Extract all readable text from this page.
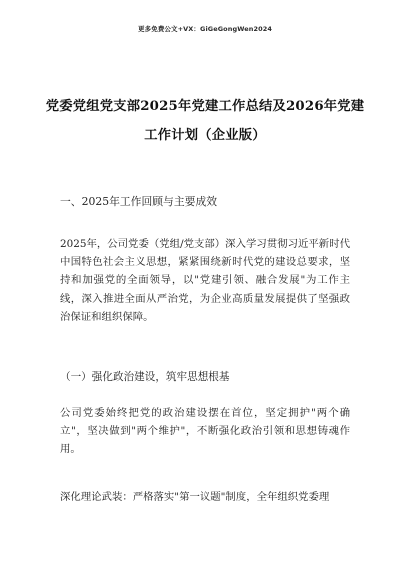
更多免费公文+VX：GiGeGongWen2024
党委党组党支部2025年党建工作总结及2026年党建
工作计划（企业版）
一、2025年工作回顾与主要成效
2025年，公司党委（党组/党支部）深入学习贯彻习近平新时代中国特色社会主义思想，紧紧围绕新时代党的建设总要求，坚持和加强党的全面领导，以"党建引领、融合发展"为工作主线，深入推进全面从严治党，为企业高质量发展提供了坚强政治保证和组织保障。
（一）强化政治建设，筑牢思想根基
公司党委始终把党的政治建设摆在首位，坚定拥护"两个确立"，坚决做到"两个维护"，不断强化政治引领和思想铸魂作用。
深化理论武装：严格落实"第一议题"制度，全年组织党委理
